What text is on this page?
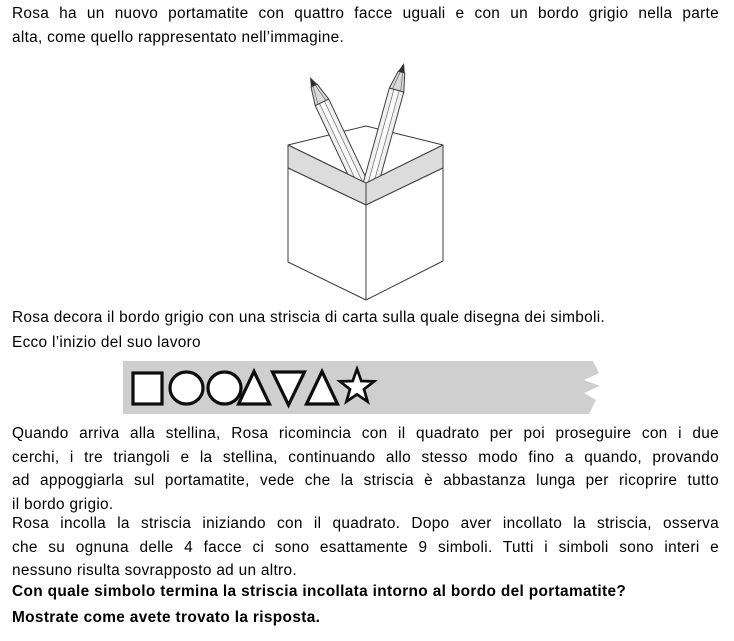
Rosa ha un nuovo portamatite con quattro facce uguali e con un bordo grigio nella parte
alta, come quello rappresentato nell’immagine.
Rosa decora il bordo grigio con una striscia di carta sulla quale disegna dei simboli.
Ecco l’inizio del suo lavoro
Quando arriva alla stellina, Rosa ricomincia con il quadrato per poi proseguire con i due
cerchi, i tre triangoli e la stellina, continuando allo stesso modo fino a quando, provando
ad appoggiarla sul portamatite, vede che la striscia è abbastanza lunga per ricoprire tutto
il bordo grigio.
Rosa incolla la striscia iniziando con il quadrato. Dopo aver incollato la striscia, osserva
che su ognuna delle 4 facce ci sono esattamente 9 simboli. Tutti i simboli sono interi e
nessuno risulta sovrapposto ad un altro.
Con quale simbolo termina la striscia incollata intorno al bordo del portamatite?
Mostrate come avete trovato la risposta.
